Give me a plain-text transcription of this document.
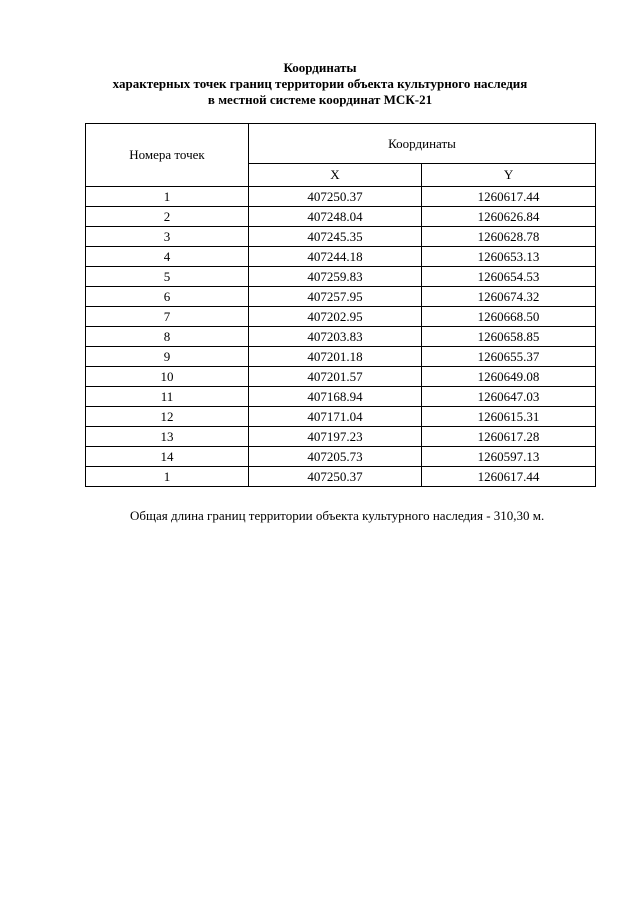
Координаты
характерных точек границ территории объекта культурного наследия
в местной системе координат МСК-21
Номера точек	Координаты	
	X	Y
1	407250.37	1260617.44
2	407248.04	1260626.84
3	407245.35	1260628.78
4	407244.18	1260653.13
5	407259.83	1260654.53
6	407257.95	1260674.32
7	407202.95	1260668.50
8	407203.83	1260658.85
9	407201.18	1260655.37
10	407201.57	1260649.08
11	407168.94	1260647.03
12	407171.04	1260615.31
13	407197.23	1260617.28
14	407205.73	1260597.13
1	407250.37	1260617.44
Общая длина границ территории объекта культурного наследия - 310,30 м.
